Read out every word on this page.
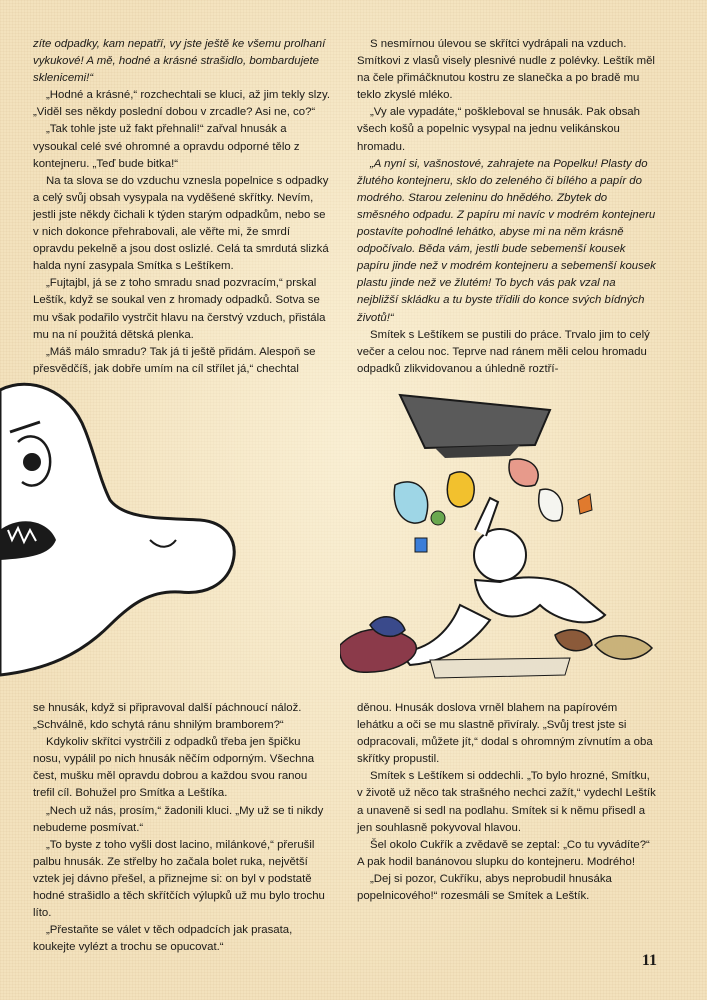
zíte odpadky, kam nepatří, vy jste ještě ke všemu prolhaní vykukové! A mě, hodné a krásné strašidlo, bombardujete sklenicemi!“

„Hodné a krásné,“ rozchechtali se kluci, až jim tekly slzy. „Viděl ses někdy poslední dobou v zrcadle? Asi ne, co?“

„Tak tohle jste už fakt přehnali!“ zařval hnusák a vysoukal celé své ohromné a opravdu odporné tělo z kontejneru. „Teď bude bitka!“

Na ta slova se do vzduchu vznesla popelnice s odpadky a celý svůj obsah vysypala na vyděšené skřítky. Nevím, jestli jste někdy čichali k týden starým odpadkům, nebo se v nich dokonce přehrabovali, ale věřte mi, že smrdí opravdu pekelně a jsou dost oslizlé. Celá ta smrdutá slizká halda nyní zasypala Smítka s Leštíkem.

„Fujtajbl, já se z toho smradu snad pozvracím,“ prskal Leštík, když se soukal ven z hromady odpadků. Sotva se mu však podařilo vystrčit hlavu na čerstvý vzduch, přistála mu na ní použitá dětská plenka.

„Máš málo smradu? Tak já ti ještě přidám. Alespoň se přesvědčíš, jak dobře umím na cíl střílet já,“ chechtal

S nesmírnou úlevou se skřítci vydrápali na vzduch. Smítkovi z vlasů visely plesnivé nudle z polévky. Leštík měl na čele přimáčknutou kostru ze slanečka a po bradě mu teklo zkyslé mléko.

„Vy ale vypadáte,“ poškleboval se hnusák. Pak obsah všech košů a popelnic vysypal na jednu velikánskou hromadu.

„A nyní si, vašnostové, zahrajete na Popelku! Plasty do žlutého kontejneru, sklo do zeleného či bílého a papír do modrého. Starou zeleninu do hnědého. Zbytek do směsného odpadu. Z papíru mi navíc v modrém kontejneru postavíte pohodlné lehátko, abyse mi na něm krásně odpočívalo. Běda vám, jestli bude sebemenší kousek papíru jinde než v modrém kontejneru a sebemenší kousek plastu jinde než ve žlutém! To bych vás pak vzal na nejbližší skládku a tu byste třídili do konce svých bídných životů!“

Smítek s Leštíkem se pustili do práce. Trvalo jim to celý večer a celou noc. Teprve nad ránem měli celou hromadu odpadků zlikvidovanou a úhledně roztří-

se hnusák, když si připravoval další páchnoucí nálož. „Schválně, kdo schytá ránu shnilým bramborem?“

Kdykoliv skřítci vystrčili z odpadků třeba jen špičku nosu, vypálil po nich hnusák něčím odporným. Všechna čest, mušku měl opravdu dobrou a každou svou ranou trefil cíl. Bohužel pro Smítka a Leštíka.

„Nech už nás, prosím,“ žadonili kluci. „My už se ti nikdy nebudeme posmívat.“

„To byste z toho vyšli dost lacino, milánkové,“ přerušil palbu hnusák. Ze střelby ho začala bolet ruka, největší vztek jej dávno přešel, a přiznejme si: on byl v podstatě hodné strašidlo a těch skřítčích výlupků už mu bylo trochu líto.

„Přestaňte se válet v těch odpadcích jak prasata, koukejte vylézt a trochu se opucovat.“

děnou. Hnusák doslova vrněl blahem na papírovém lehátku a oči se mu slastně přivíraly. „Svůj trest jste si odpracovali, můžete jít,“ dodal s ohromným zívnutím a oba skřítky propustil.

Smítek s Leštíkem si oddechli. „To bylo hrozné, Smítku, v životě už něco tak strašného nechci zažít,“ vydechl Leštík a unaveně si sedl na podlahu. Smítek si k němu přisedl a jen souhlasně pokyvoval hlavou.

Šel okolo Cukřík a zvědavě se zeptal: „Co tu vyvádíte?“ A pak hodil banánovou slupku do kontejneru. Modrého!

„Dej si pozor, Cukříku, abys neprobudil hnusáka popelnicového!“ rozesmáli se Smítek a Leštík.

11
